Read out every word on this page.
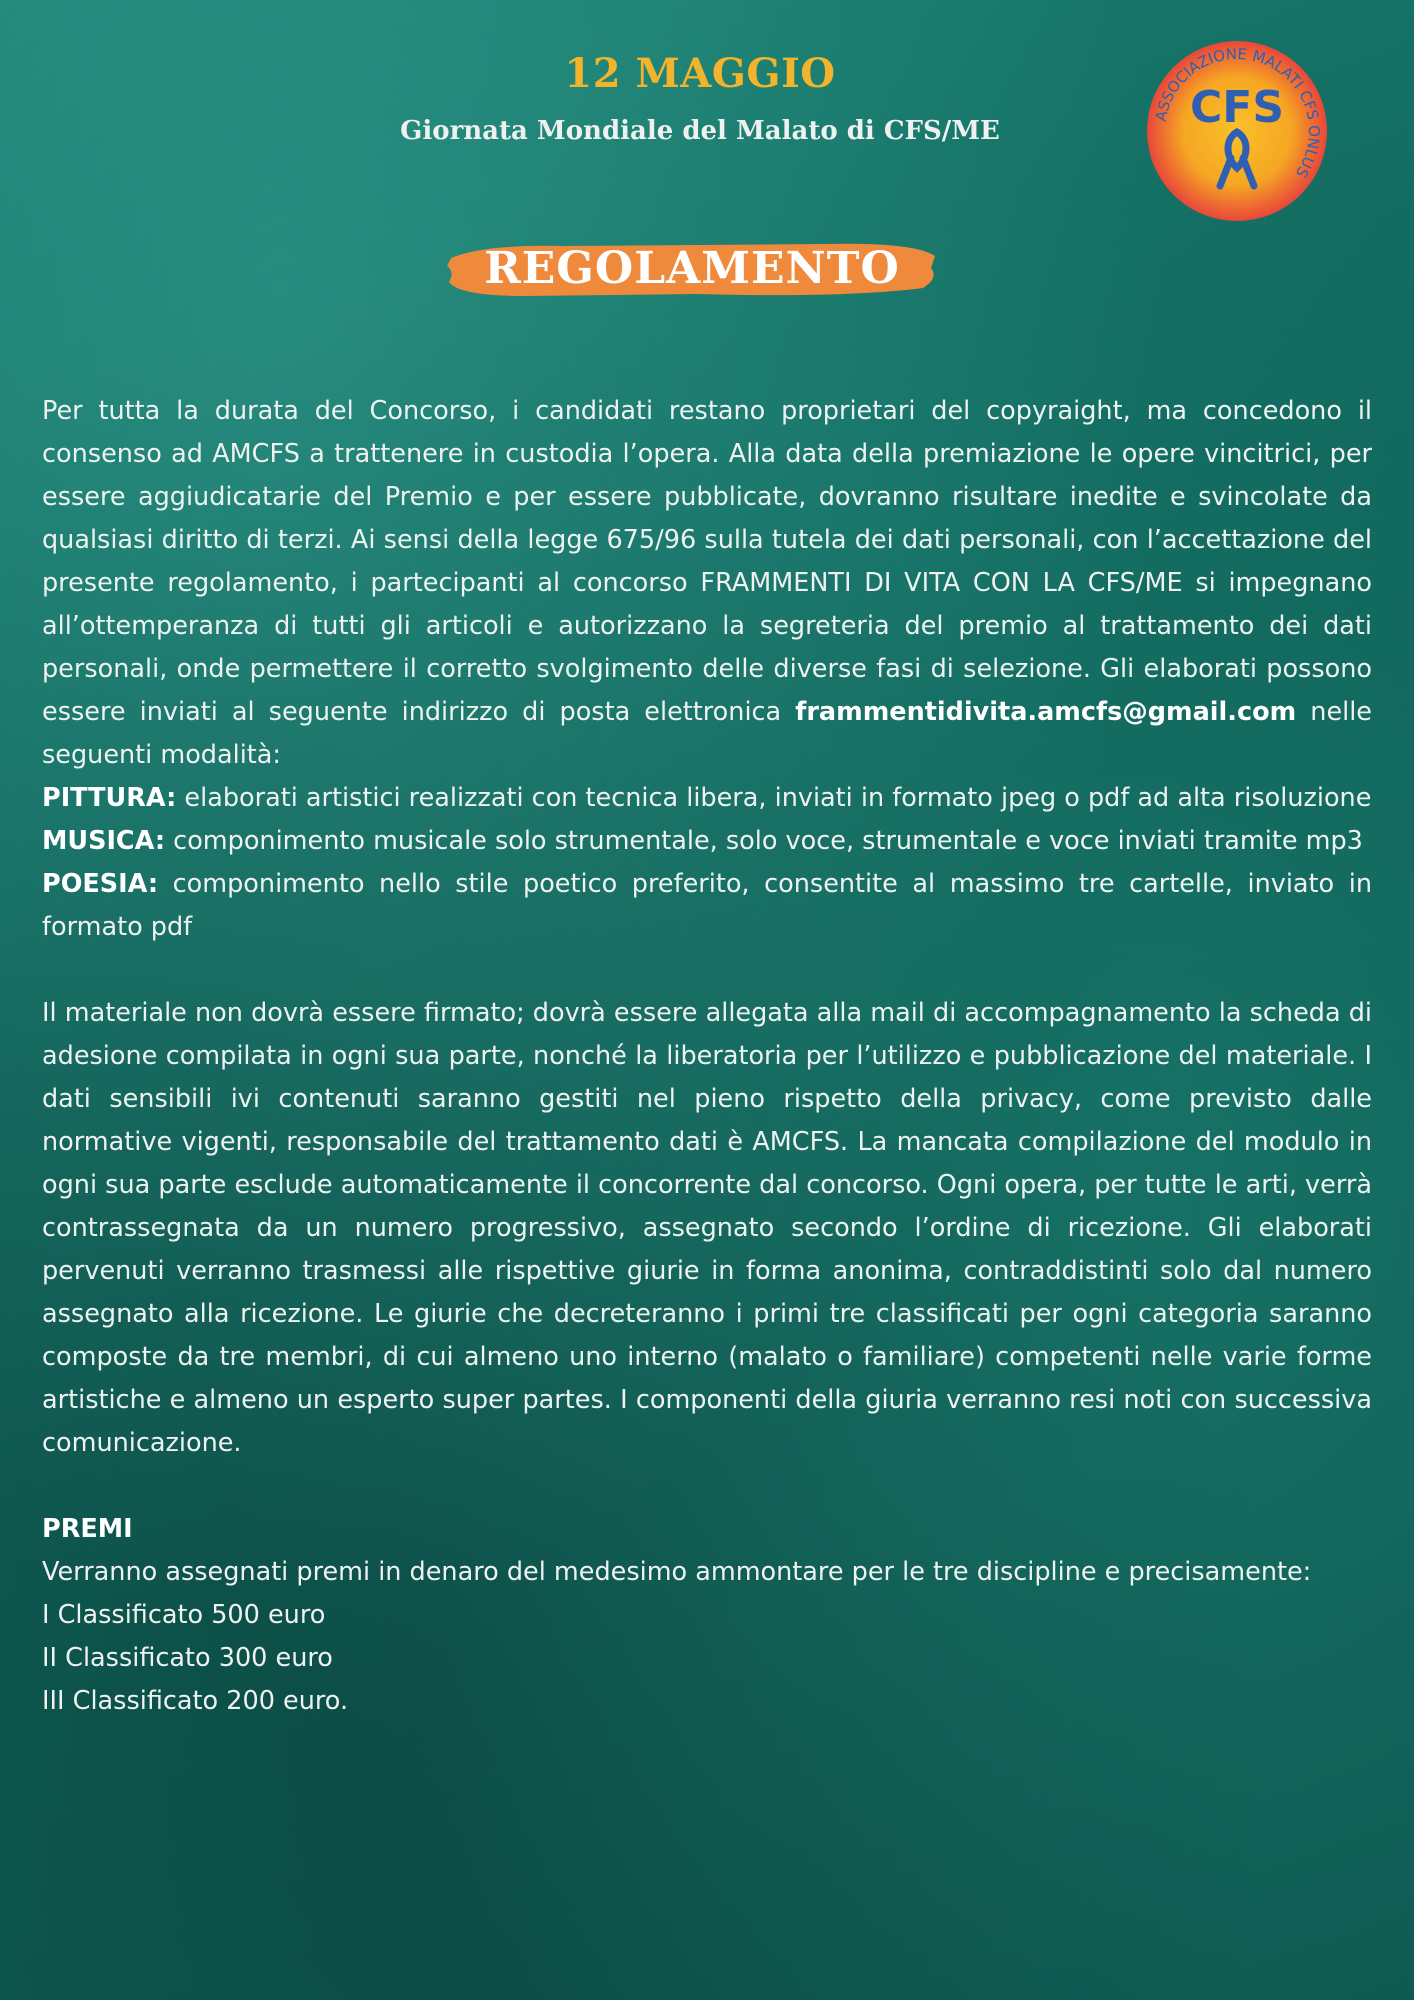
12 MAGGIO
Giornata Mondiale del Malato di CFS/ME
ASSOCIAZIONE MALATI CFS ONLUS
CFS
REGOLAMENTO

Per tutta la durata del Concorso, i candidati restano proprietari del copyraight, ma concedono il consenso ad AMCFS a trattenere in custodia l’opera. Alla data della premiazione le opere vincitrici, per essere aggiudicatarie del Premio e per essere pubblicate, dovranno risultare inedite e svincolate da qualsiasi diritto di terzi. Ai sensi della legge 675/96 sulla tutela dei dati personali, con l’accettazione del presente regolamento, i partecipanti al concorso FRAMMENTI DI VITA CON LA CFS/ME si impegnano all’ottemperanza di tutti gli articoli e autorizzano la segreteria del premio al trattamento dei dati personali, onde permettere il corretto svolgimento delle diverse fasi di selezione. Gli elaborati possono essere inviati al seguente indirizzo di posta elettronica frammentidivita.amcfs@gmail.com nelle seguenti modalità:

PITTURA: elaborati artistici realizzati con tecnica libera, inviati in formato jpeg o pdf ad alta risoluzione

MUSICA: componimento musicale solo strumentale, solo voce, strumentale e voce inviati tramite mp3

POESIA: componimento nello stile poetico preferito, consentite al massimo tre cartelle, inviato in formato pdf

Il materiale non dovrà essere firmato; dovrà essere allegata alla mail di accompagnamento la scheda di adesione compilata in ogni sua parte, nonché la liberatoria per l’utilizzo e pubblicazione del materiale. I dati sensibili ivi contenuti saranno gestiti nel pieno rispetto della privacy, come previsto dalle normative vigenti, responsabile del trattamento dati è AMCFS. La mancata compilazione del modulo in ogni sua parte esclude automaticamente il concorrente dal concorso. Ogni opera, per tutte le arti, verrà contrassegnata da un numero progressivo, assegnato secondo l’ordine di ricezione. Gli elaborati pervenuti verranno trasmessi alle rispettive giurie in forma anonima, contraddistinti solo dal numero assegnato alla ricezione. Le giurie che decreteranno i primi tre classificati per ogni categoria saranno composte da tre membri, di cui almeno uno interno (malato o familiare) competenti nelle varie forme artistiche e almeno un esperto super partes. I componenti della giuria verranno resi noti con successiva comunicazione.

PREMI

Verranno assegnati premi in denaro del medesimo ammontare per le tre discipline e precisamente:

I Classificato 500 euro

II Classificato 300 euro

III Classificato 200 euro.
